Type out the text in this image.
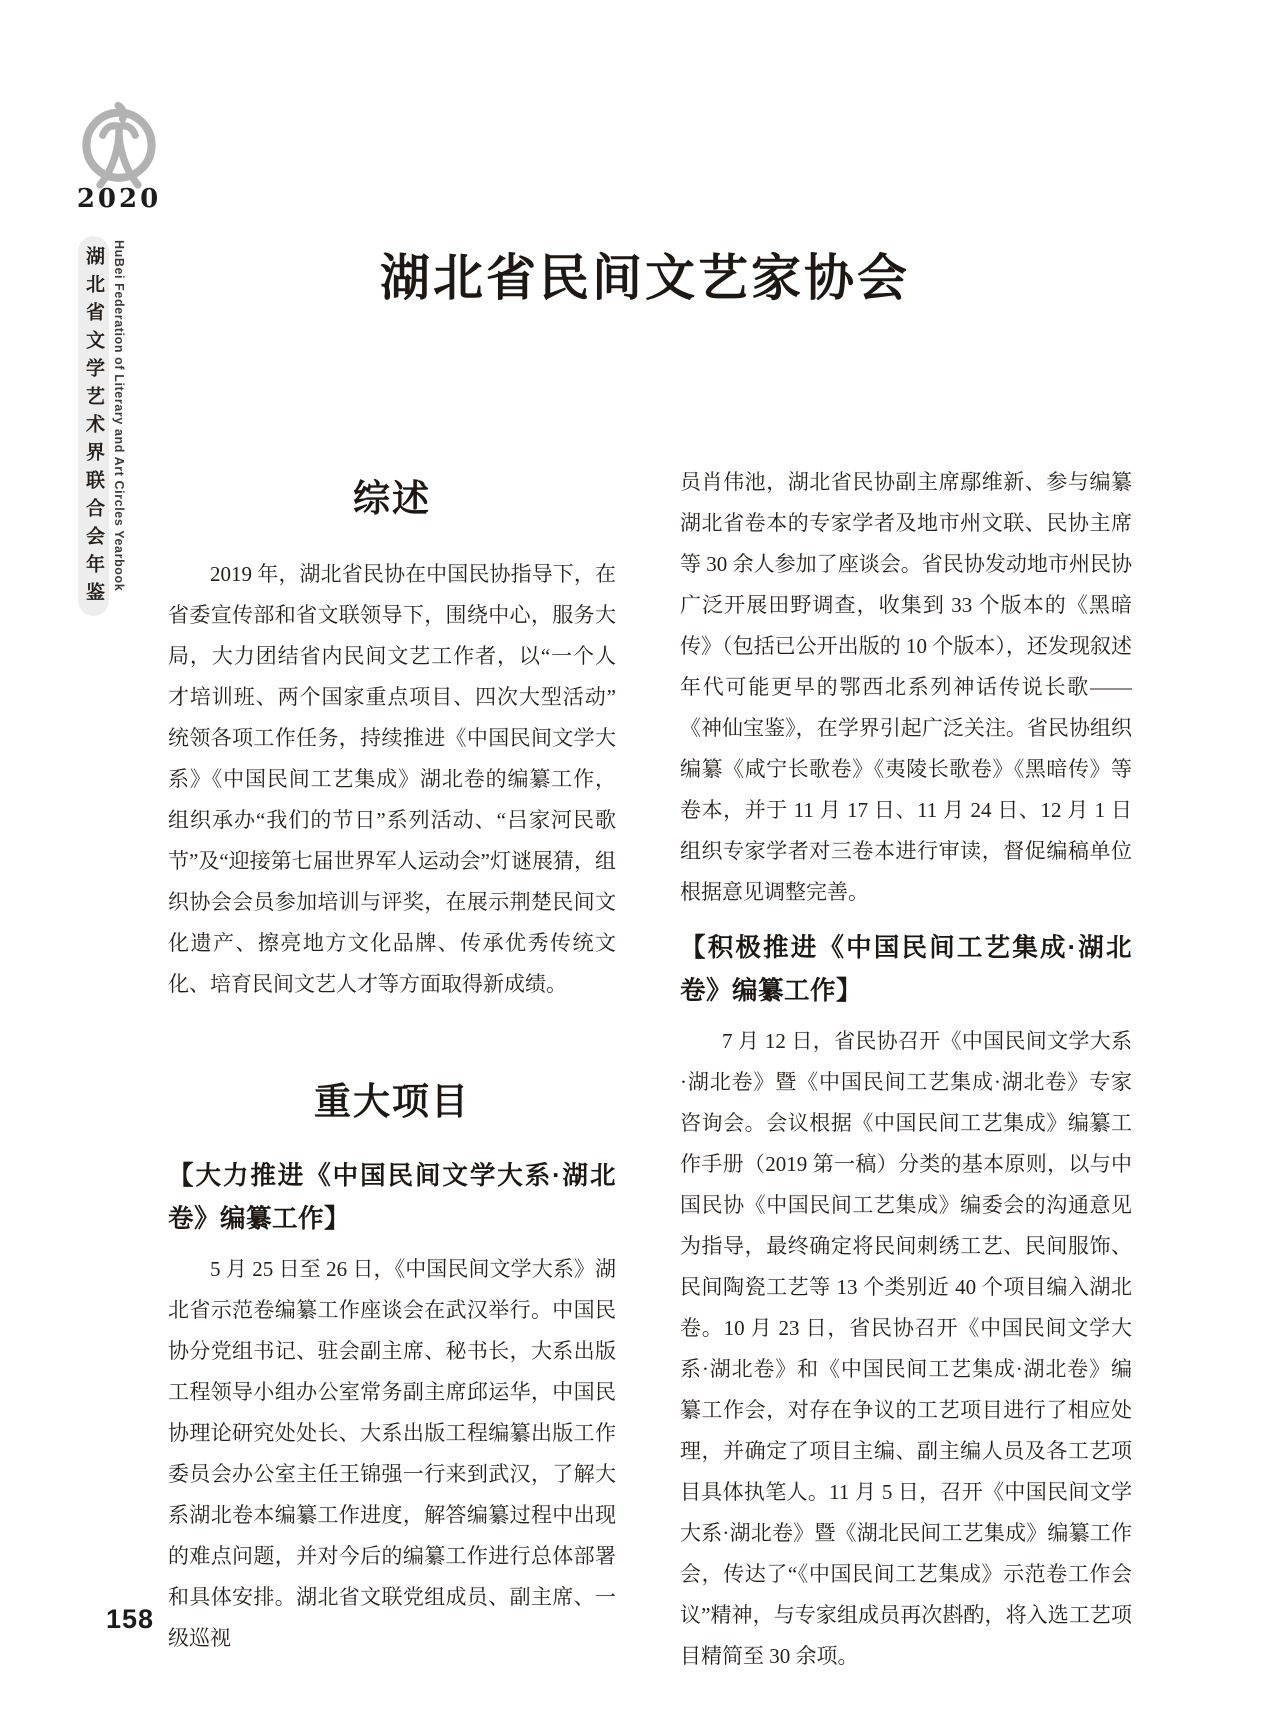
2020
湖北省文学艺术界联合会年鉴 HuBei Federation of Literary and Art Circles Yearbook	湖北省民间文艺家协会
综述

2019 年，湖北省民协在中国民协指导下，在省委宣传部和省文联领导下，围绕中心，服务大局，大力团结省内民间文艺工作者，以“一个人才培训班、两个国家重点项目、四次大型活动”统领各项工作任务，持续推进《中国民间文学大系》《中国民间工艺集成》湖北卷的编纂工作，组织承办“我们的节日”系列活动、“吕家河民歌节”及“迎接第七届世界军人运动会”灯谜展猜，组织协会会员参加培训与评奖，在展示荆楚民间文化遗产、擦亮地方文化品牌、传承优秀传统文化、培育民间文艺人才等方面取得新成绩。

重大项目
【大力推进《中国民间文学大系·湖北卷》编纂工作】

5 月 25 日至 26 日，《中国民间文学大系》湖北省示范卷编纂工作座谈会在武汉举行。中国民协分党组书记、驻会副主席、秘书长，大系出版工程领导小组办公室常务副主席邱运华，中国民协理论研究处处长、大系出版工程编纂出版工作委员会办公室主任王锦强一行来到武汉，了解大系湖北卷本编纂工作进度，解答编纂过程中出现的难点问题，并对今后的编纂工作进行总体部署和具体安排。湖北省文联党组成员、副主席、一级巡视

员肖伟池，湖北省民协副主席鄢维新、参与编纂湖北省卷本的专家学者及地市州文联、民协主席等 30 余人参加了座谈会。省民协发动地市州民协广泛开展田野调查，收集到 33 个版本的《黑暗传》（包括已公开出版的 10 个版本），还发现叙述年代可能更早的鄂西北系列神话传说长歌——《神仙宝鉴》，在学界引起广泛关注。省民协组织编纂《咸宁长歌卷》《夷陵长歌卷》《黑暗传》等卷本，并于 11 月 17 日、11 月 24 日、12 月 1 日组织专家学者对三卷本进行审读，督促编稿单位根据意见调整完善。

【积极推进《中国民间工艺集成·湖北卷》编纂工作】

7 月 12 日，省民协召开《中国民间文学大系·湖北卷》暨《中国民间工艺集成·湖北卷》专家咨询会。会议根据《中国民间工艺集成》编纂工作手册（2019 第一稿）分类的基本原则，以与中国民协《中国民间工艺集成》编委会的沟通意见为指导，最终确定将民间刺绣工艺、民间服饰、民间陶瓷工艺等 13 个类别近 40 个项目编入湖北卷。10 月 23 日，省民协召开《中国民间文学大系·湖北卷》和《中国民间工艺集成·湖北卷》编纂工作会，对存在争议的工艺项目进行了相应处理，并确定了项目主编、副主编人员及各工艺项目具体执笔人。11 月 5 日，召开《中国民间文学大系·湖北卷》暨《湖北民间工艺集成》编纂工作会，传达了“《中国民间工艺集成》示范卷工作会议”精神，与专家组成员再次斟酌，将入选工艺项目精简至 30 余项。

158
